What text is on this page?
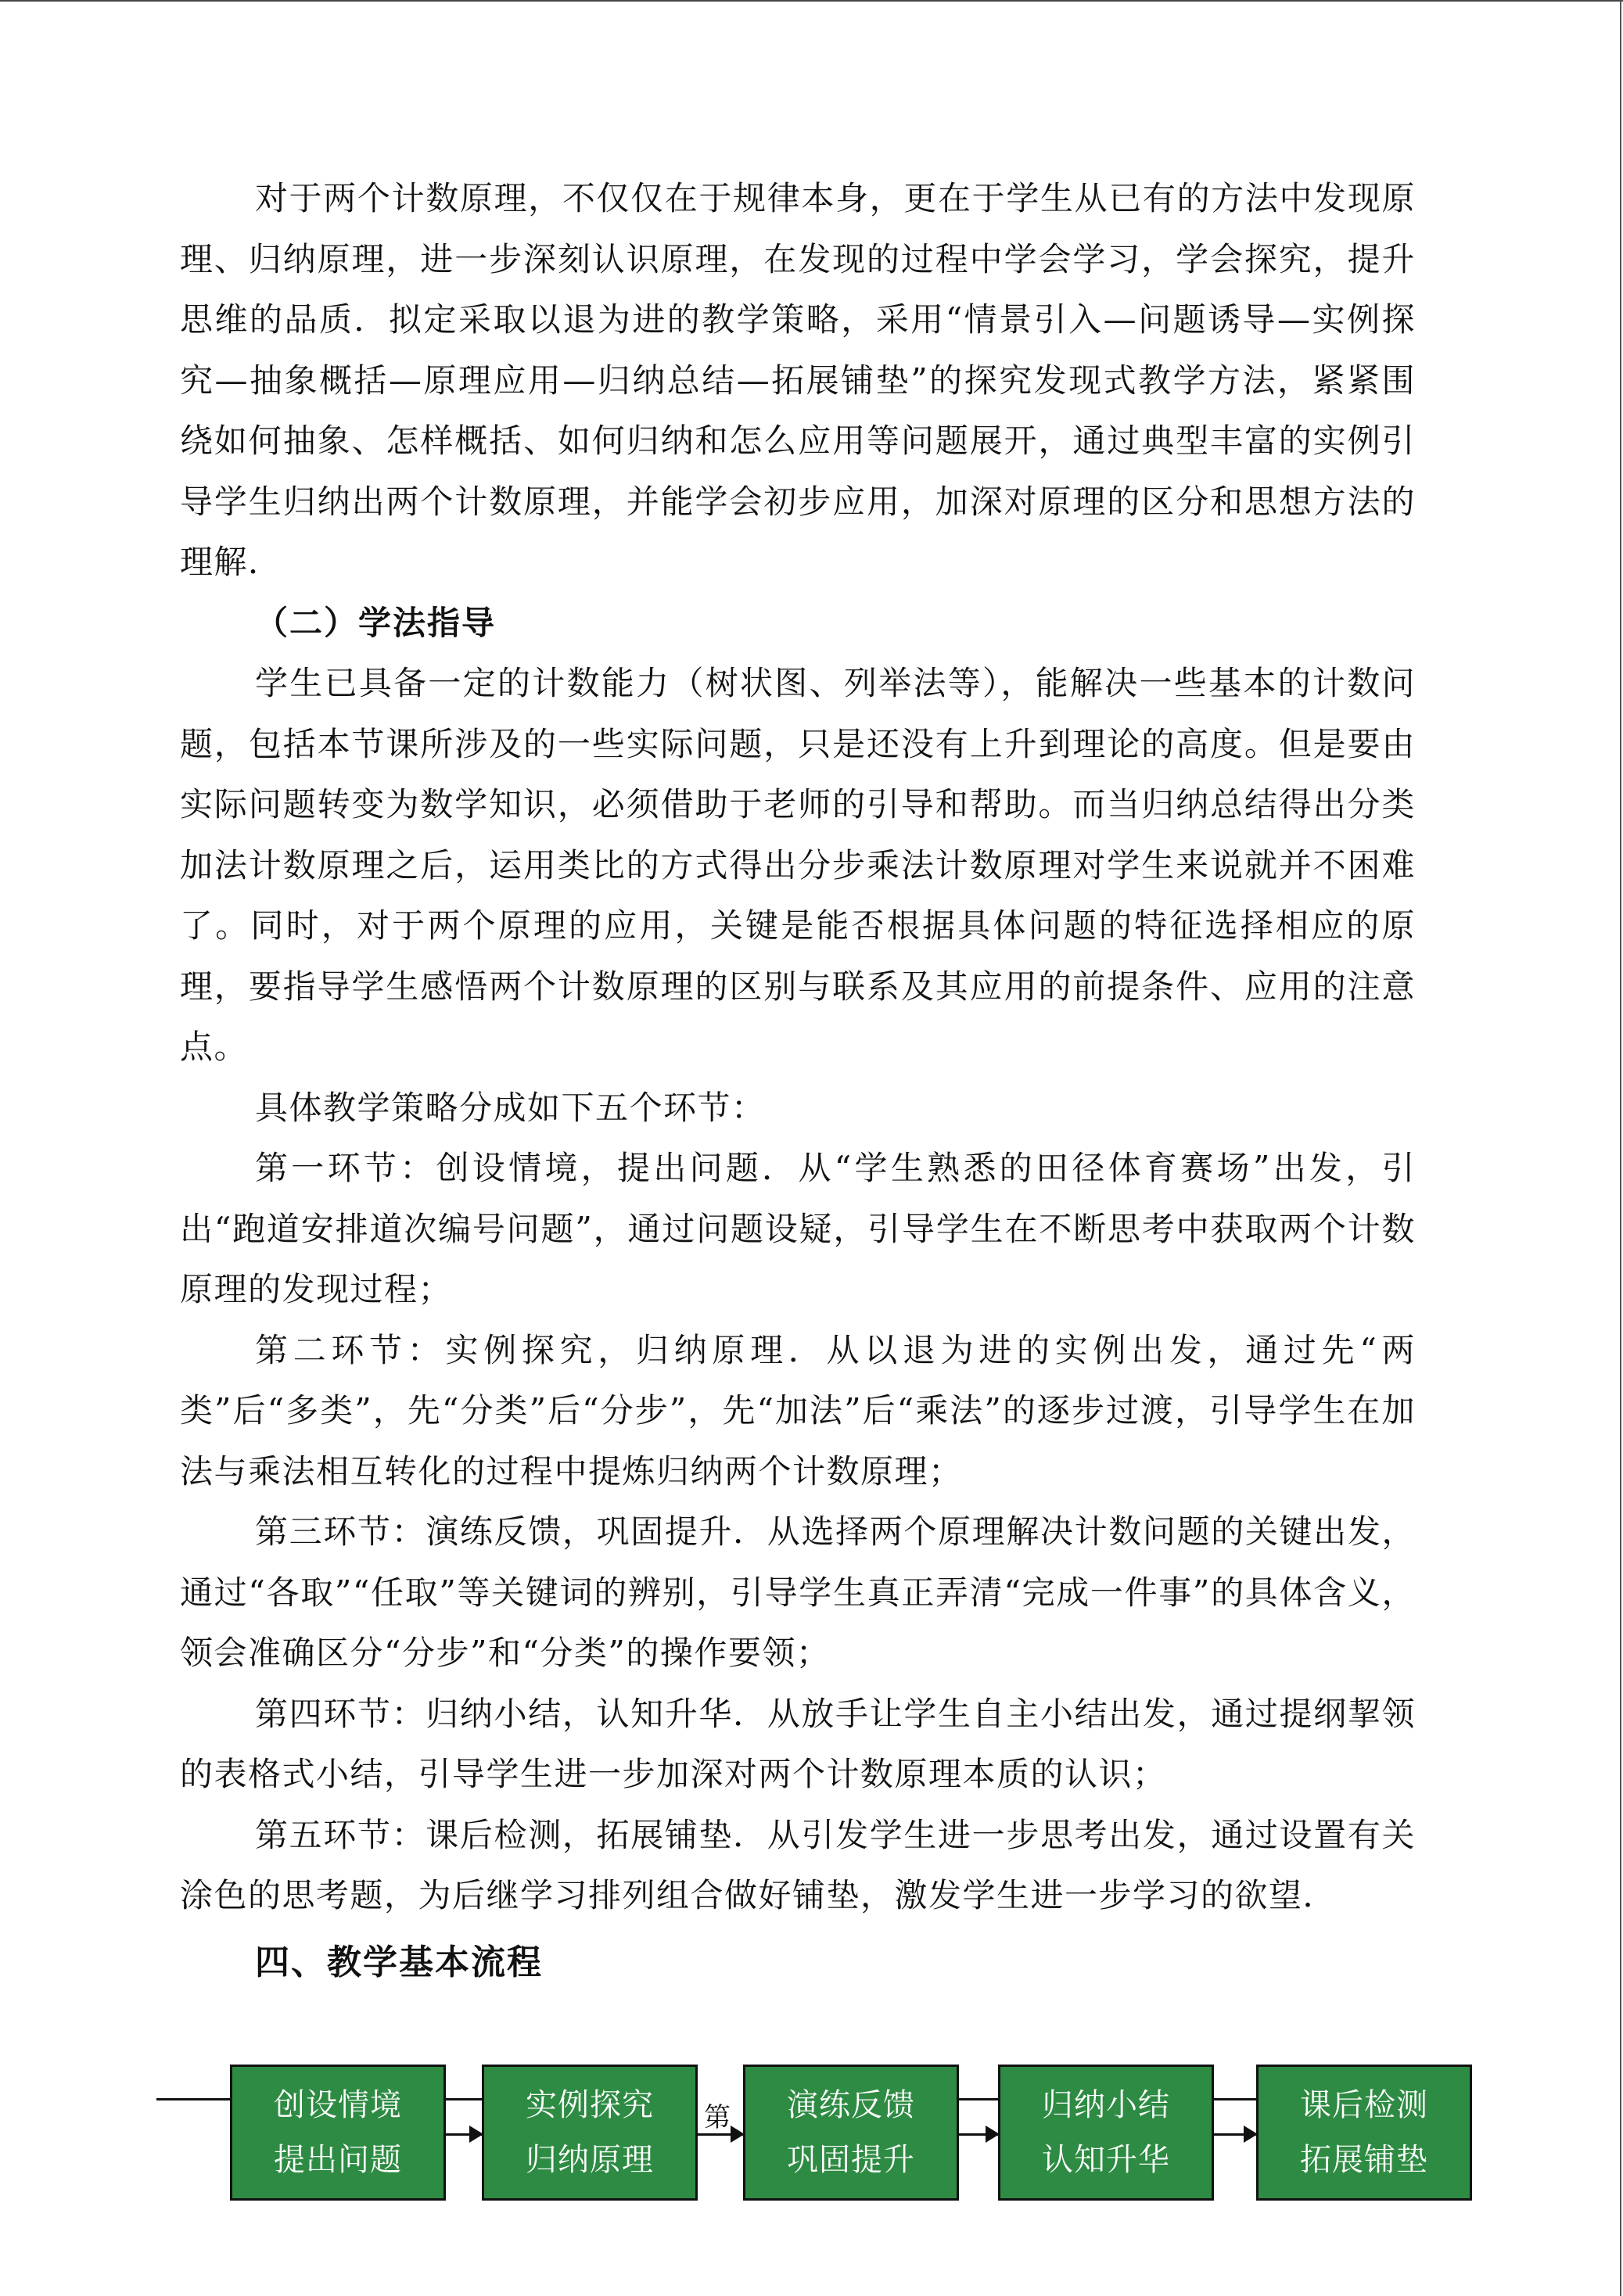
对于两个计数原理，不仅仅在于规律本身，更在于学生从已有的方法中发现原理、归纳原理，进一步深刻认识原理，在发现的过程中学会学习，学会探究，提升思维的品质．拟定采取以退为进的教学策略，采用“情景引入—问题诱导—实例探究—抽象概括—原理应用—归纳总结—拓展铺垫”的探究发现式教学方法，紧紧围绕如何抽象、怎样概括、如何归纳和怎么应用等问题展开，通过典型丰富的实例引导学生归纳出两个计数原理，并能学会初步应用，加深对原理的区分和思想方法的理解．

（二）学法指导

学生已具备一定的计数能力（树状图、列举法等），能解决一些基本的计数问题，包括本节课所涉及的一些实际问题，只是还没有上升到理论的高度。但是要由实际问题转变为数学知识，必须借助于老师的引导和帮助。而当归纳总结得出分类加法计数原理之后，运用类比的方式得出分步乘法计数原理对学生来说就并不困难了。同时，对于两个原理的应用，关键是能否根据具体问题的特征选择相应的原理，要指导学生感悟两个计数原理的区别与联系及其应用的前提条件、应用的注意点。

具体教学策略分成如下五个环节：

第一环节：创设情境，提出问题．从“学生熟悉的田径体育赛场”出发，引出“跑道安排道次编号问题”，通过问题设疑，引导学生在不断思考中获取两个计数原理的发现过程；

第二环节：实例探究，归纳原理．从以退为进的实例出发，通过先“两类”后“多类”，先“分类”后“分步”，先“加法”后“乘法”的逐步过渡，引导学生在加法与乘法相互转化的过程中提炼归纳两个计数原理；

第三环节：演练反馈，巩固提升．从选择两个原理解决计数问题的关键出发，通过“各取”“任取”等关键词的辨别，引导学生真正弄清“完成一件事”的具体含义，领会准确区分“分步”和“分类”的操作要领；

第四环节：归纳小结，认知升华．从放手让学生自主小结出发，通过提纲挈领的表格式小结，引导学生进一步加深对两个计数原理本质的认识；

第五环节：课后检测，拓展铺垫．从引发学生进一步思考出发，通过设置有关涂色的思考题，为后继学习排列组合做好铺垫，激发学生进一步学习的欲望．

四、教学基本流程

创设情境
提出问题
实例探究
归纳原理
第 演练反馈
巩固提升
归纳小结
认知升华
课后检测
拓展铺垫
